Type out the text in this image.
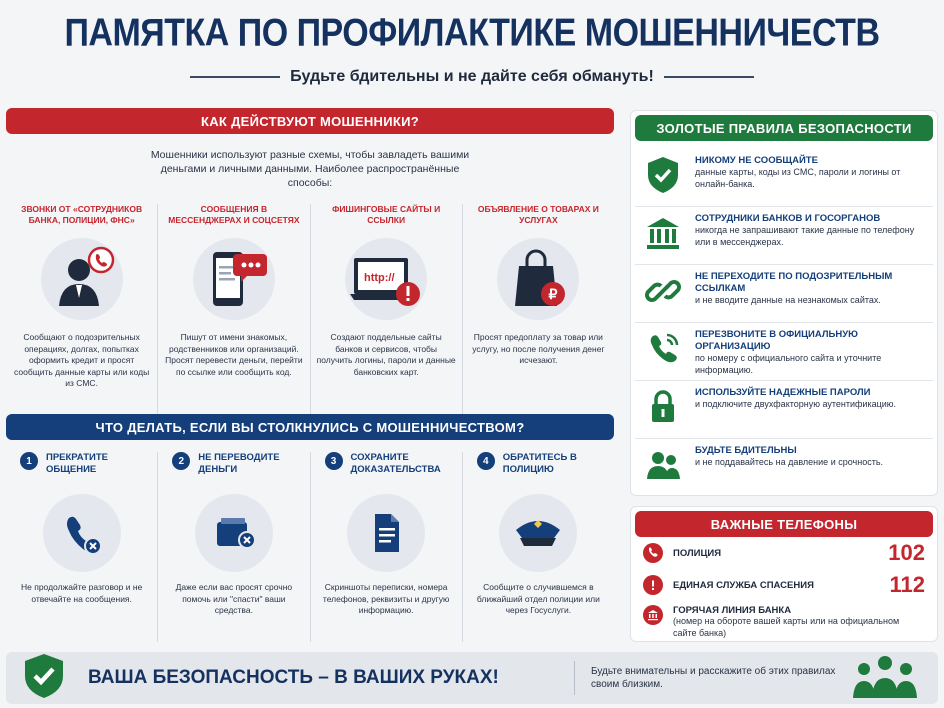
ПАМЯТКА ПО ПРОФИЛАКТИКЕ МОШЕННИЧЕСТВ
Будьте бдительны и не дайте себя обмануть!
КАК ДЕЙСТВУЮТ МОШЕННИКИ?
Мошенники используют разные схемы, чтобы завладеть вашими деньгами и личными данными. Наиболее распространённые способы:
ЗВОНКИ ОТ «СОТРУДНИКОВ БАНКА, ПОЛИЦИИ, ФНС»
Сообщают о подозрительных операциях, долгах, попытках оформить кредит и просят сообщить данные карты или коды из СМС.
СООБЩЕНИЯ В МЕССЕНДЖЕРАХ И СОЦСЕТЯХ
Пишут от имени знакомых, родственников или организаций. Просят перевести деньги, перейти по ссылке или сообщить код.
ФИШИНГОВЫЕ САЙТЫ И ССЫЛКИ
http://
Создают поддельные сайты банков и сервисов, чтобы получить логины, пароли и данные банковских карт.
ОБЪЯВЛЕНИЕ О ТОВАРАХ И УСЛУГАХ
₽
Просят предоплату за товар или услугу, но после получения денег исчезают.
ЧТО ДЕЛАТЬ, ЕСЛИ ВЫ СТОЛКНУЛИСЬ С МОШЕННИЧЕСТВОМ?
1	ПРЕКРАТИТЕ ОБЩЕНИЕ
Не продолжайте разговор и не отвечайте на сообщения.
2	НЕ ПЕРЕВОДИТЕ ДЕНЬГИ
Даже если вас просят срочно помочь или "спасти" ваши средства.
3	СОХРАНИТЕ ДОКАЗАТЕЛЬСТВА
Скриншоты переписки, номера телефонов, реквизиты и другую информацию.
4	ОБРАТИТЕСЬ В ПОЛИЦИЮ
Сообщите о случившемся в ближайший отдел полиции или через Госуслуги.
ЗОЛОТЫЕ ПРАВИЛА БЕЗОПАСНОСТИ
НИКОМУ НЕ СООБЩАЙТЕ
данные карты, коды из СМС, пароли и логины от онлайн-банка.
СОТРУДНИКИ БАНКОВ И ГОСОРГАНОВ
никогда не запрашивают такие данные по телефону или в мессенджерах.
НЕ ПЕРЕХОДИТЕ ПО ПОДОЗРИТЕЛЬНЫМ ССЫЛКАМ
и не вводите данные на незнакомых сайтах.
ПЕРЕЗВОНИТЕ В ОФИЦИАЛЬНУЮ ОРГАНИЗАЦИЮ
по номеру с официального сайта и уточните информацию.
ИСПОЛЬЗУЙТЕ НАДЕЖНЫЕ ПАРОЛИ
и подключите двухфакторную аутентификацию.
БУДЬТЕ БДИТЕЛЬНЫ
и не поддавайтесь на давление и срочность.
ВАЖНЫЕ ТЕЛЕФОНЫ
ПОЛИЦИЯ	102
ЕДИНАЯ СЛУЖБА СПАСЕНИЯ	112
ГОРЯЧАЯ ЛИНИЯ БАНКА
(номер на обороте вашей карты или на официальном сайте банка)
ВАША БЕЗОПАСНОСТЬ – В ВАШИХ РУКАХ!	Будьте внимательны и расскажите об этих правилах своим близким.
